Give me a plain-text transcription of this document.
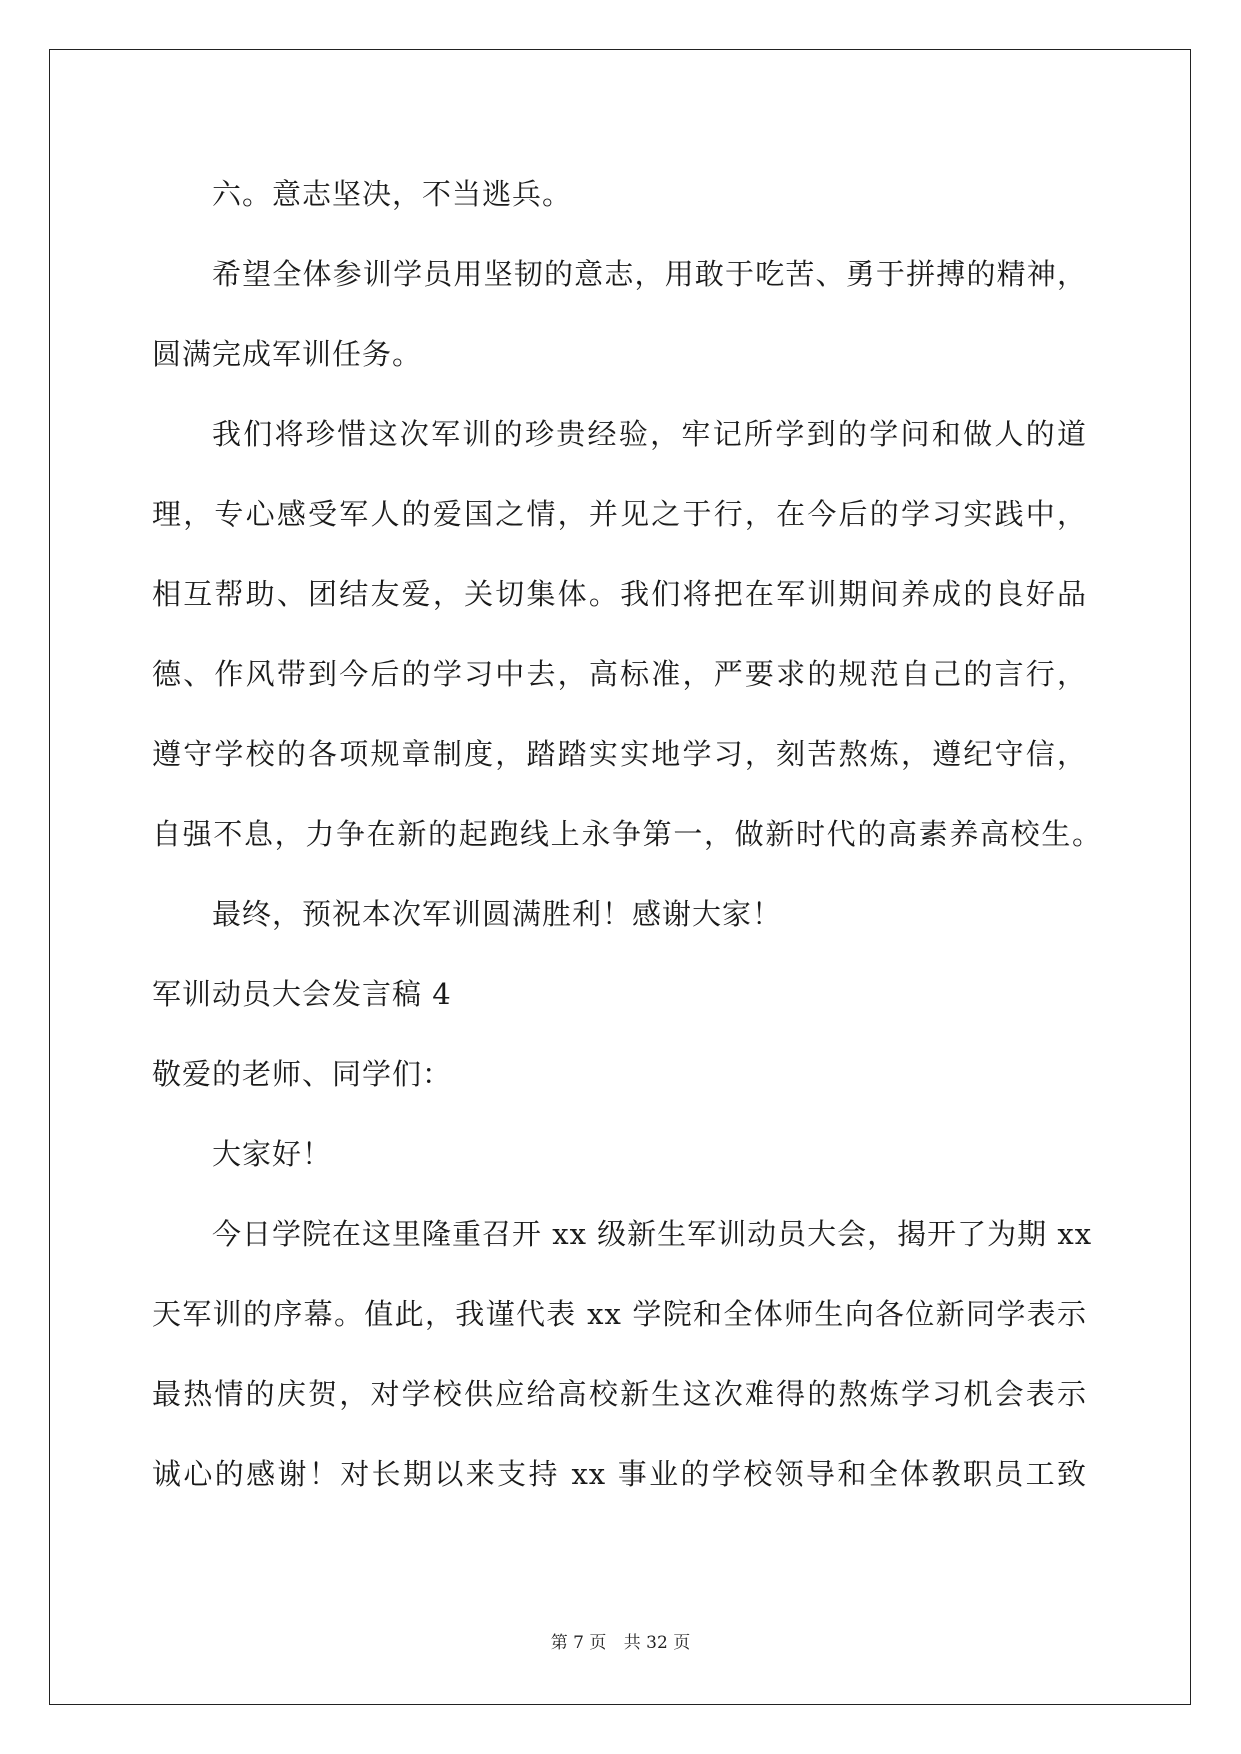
六。意志坚决，不当逃兵。
希望全体参训学员用坚韧的意志，用敢于吃苦、勇于拼搏的精神，
圆满完成军训任务。
我们将珍惜这次军训的珍贵经验，牢记所学到的学问和做人的道
理，专心感受军人的爱国之情，并见之于行，在今后的学习实践中，
相互帮助、团结友爱，关切集体。我们将把在军训期间养成的良好品
德、作风带到今后的学习中去，高标准，严要求的规范自己的言行，
遵守学校的各项规章制度，踏踏实实地学习，刻苦熬炼，遵纪守信，
自强不息，力争在新的起跑线上永争第一，做新时代的高素养高校生。
最终，预祝本次军训圆满胜利！感谢大家！
军训动员大会发言稿 4
敬爱的老师、同学们：
大家好！
今日学院在这里隆重召开 xx 级新生军训动员大会，揭开了为期 xx
天军训的序幕。值此，我谨代表 xx 学院和全体师生向各位新同学表示
最热情的庆贺，对学校供应给高校新生这次难得的熬炼学习机会表示
诚心的感谢！对长期以来支持 xx 事业的学校领导和全体教职员工致
第 7 页 共 32 页
